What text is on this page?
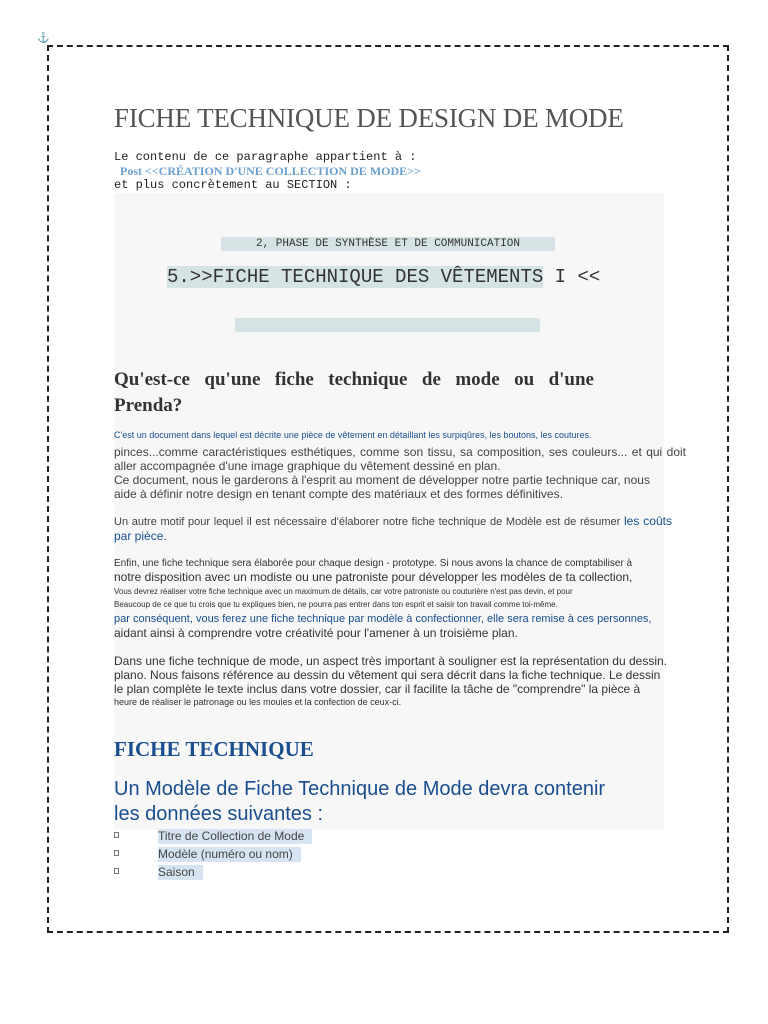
⚓
FICHE TECHNIQUE DE DESIGN DE MODE
Le contenu de ce paragraphe appartient à :
Post <<CRÉATION D'UNE COLLECTION DE MODE>>
et plus concrètement au SECTION :
2, PHASE DE SYNTHÈSE ET DE COMMUNICATION
5.>>FICHE TECHNIQUE DES VÊTEMENTS I <<
Qu'est-ce qu'une fiche technique de mode ou d'une Prenda?

C'est un document dans lequel est décrite une pièce de vêtement en détaillant les surpiqûres, les boutons, les coutures.

pinces...comme caractéristiques esthétiques, comme son tissu, sa composition, ses couleurs... et qui doit aller accompagnée d'une image graphique du vêtement dessiné en plan.

Ce document, nous le garderons à l'esprit au moment de développer notre partie technique car, nous aide à définir notre design en tenant compte des matériaux et des formes définitives.

Un autre motif pour lequel il est nécessaire d'élaborer notre fiche technique de Modèle est de résumer les coûts par pièce.

Enfin, une fiche technique sera élaborée pour chaque design - prototype. Si nous avons la chance de comptabiliser à

notre disposition avec un modiste ou une patroniste pour développer les modèles de ta collection,

Vous devrez réaliser votre fiche technique avec un maximum de détails, car votre patroniste ou couturière n'est pas devin, et pour

Beaucoup de ce que tu crois que tu expliques bien, ne pourra pas entrer dans ton esprit et saisir ton travail comme toi-même.

par conséquent, vous ferez une fiche technique par modèle à confectionner, elle sera remise à ces personnes,

aidant ainsi à comprendre votre créativité pour l'amener à un troisième plan.

Dans une fiche technique de mode, un aspect très important à souligner est la représentation du dessin.

plano. Nous faisons référence au dessin du vêtement qui sera décrit dans la fiche technique. Le dessin

le plan complète le texte inclus dans votre dossier, car il facilite la tâche de "comprendre" la pièce à

heure de réaliser le patronage ou les moules et la confection de ceux-ci.

FICHE TECHNIQUE
Un Modèle de Fiche Technique de Mode devra contenir les données suivantes :
Titre de Collection de Mode
Modèle (numéro ou nom)
Saison
